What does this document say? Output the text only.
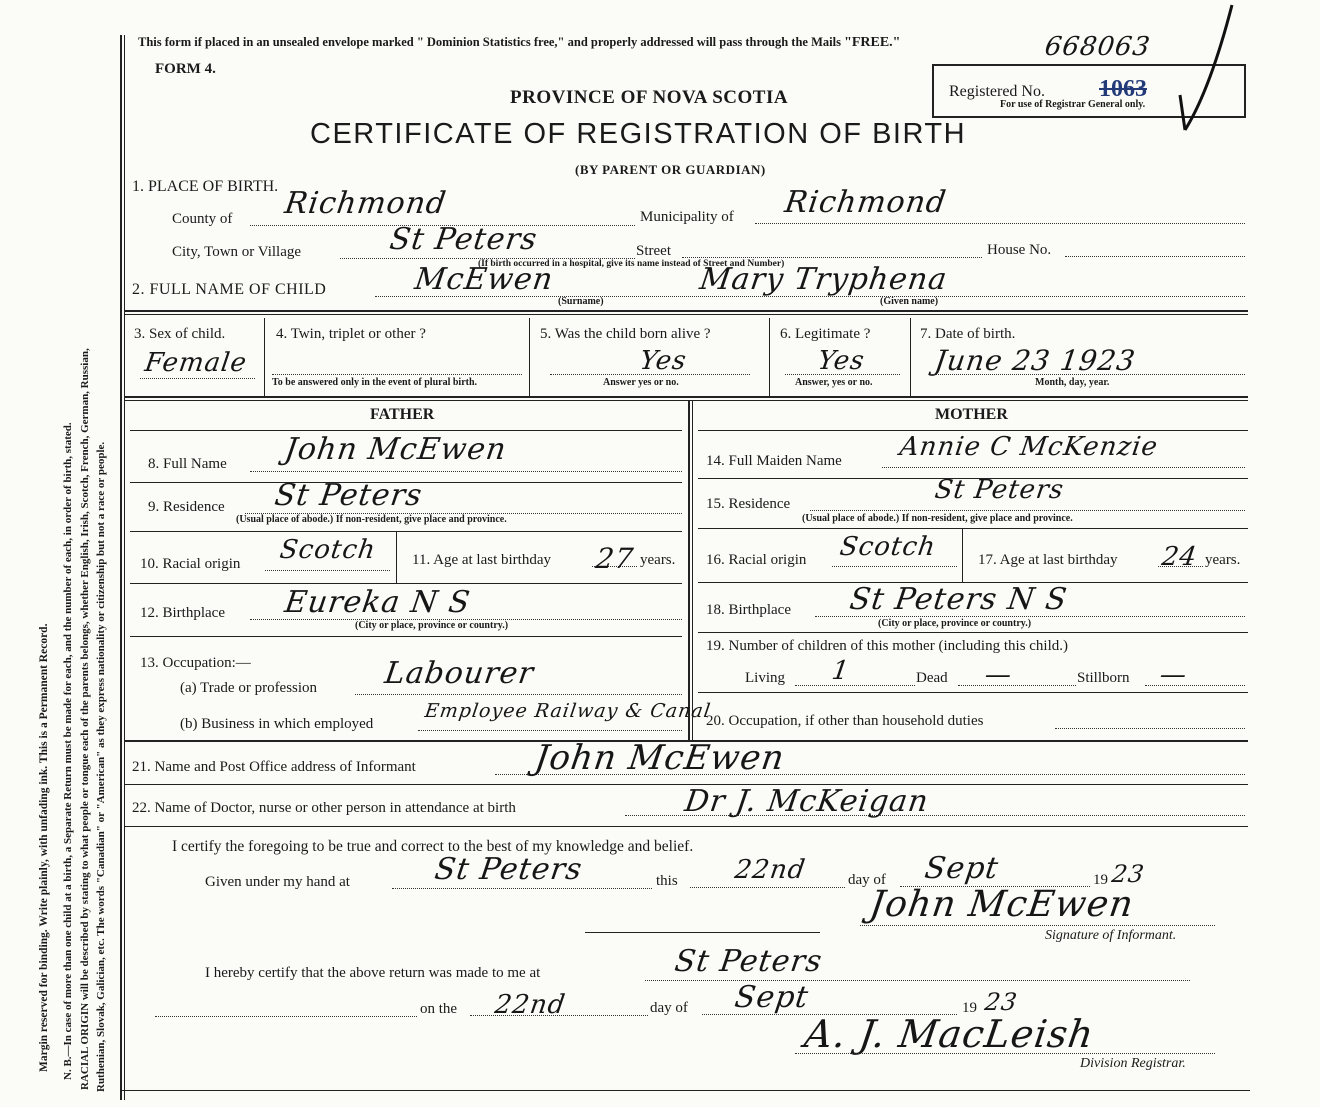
Margin reserved for binding. Write plainly, with unfading ink. This is a Permanent Record. N. B.—In case of more than one child at a birth, a Separate Return must be made for each, and the number of each, in order of birth, stated. RACIAL ORIGIN will be described by stating to what people or tongue each of the parents belongs, whether English, Irish, Scotch, French, German, Russian, Ruthenian, Slovak, Galician, etc. The words "Canadian" or "American" as they express nationality or citizenship but not a race or people.
This form if placed in an unsealed envelope marked " Dominion Statistics free," and properly addressed will pass through the Mails "FREE."	668063
FORM 4.
PROVINCE OF NOVA SCOTIA
CERTIFICATE OF REGISTRATION OF BIRTH
(BY PARENT OR GUARDIAN)
Registered No. 1063
For use of Registrar General only.
1. PLACE OF BIRTH.
County of Richmond	Municipality of Richmond
City, Town or Village	St Peters	Street	House No.
(If birth occurred in a hospital, give its name instead of Street and Number)
2. FULL NAME OF CHILD	McEwen	Mary Tryphena
(Surname)	(Given name)
3. Sex of child.
Female
4. Twin, triplet or other ?
To be answered only in the event of plural birth.
5. Was the child born alive ?
Yes
Answer yes or no.
6. Legitimate ?
Yes
Answer, yes or no.
7. Date of birth.
June 23 1923
Month, day, year.
FATHER
8. Full Name John McEwen
9. Residence St Peters
(Usual place of abode.) If non-resident, give place and province.
10. Racial origin Scotch 11. Age at last birthday 27 years.
12. Birthplace Eureka N S
(City or place, province or country.)
13. Occupation:—
(a) Trade or profession Labourer
(b) Business in which employed
Employee Railway & Canal
MOTHER
14. Full Maiden Name Annie C McKenzie
15. Residence	St Peters
(Usual place of abode.) If non-resident, give place and province.
16. Racial origin Scotch	17. Age at last birthday 24 years.
18. Birthplace St Peters N S
(City or place, province or country.)
19. Number of children of this mother (including this child.)
Living 1	Dead —	Stillborn —
20. Occupation, if other than household duties
21. Name and Post Office address of Informant	John McEwen
22. Name of Doctor, nurse or other person in attendance at birth	Dr J. McKeigan
I certify the foregoing to be true and correct to the best of my knowledge and belief.
Given under my hand at	St Peters	this 22nd	day of Sept	19 23
John McEwen
Signature of Informant.
I hereby certify that the above return was made to me at	St Peters
on the 22nd	day of Sept	19 23
A. J. MacLeish
Division Registrar.
